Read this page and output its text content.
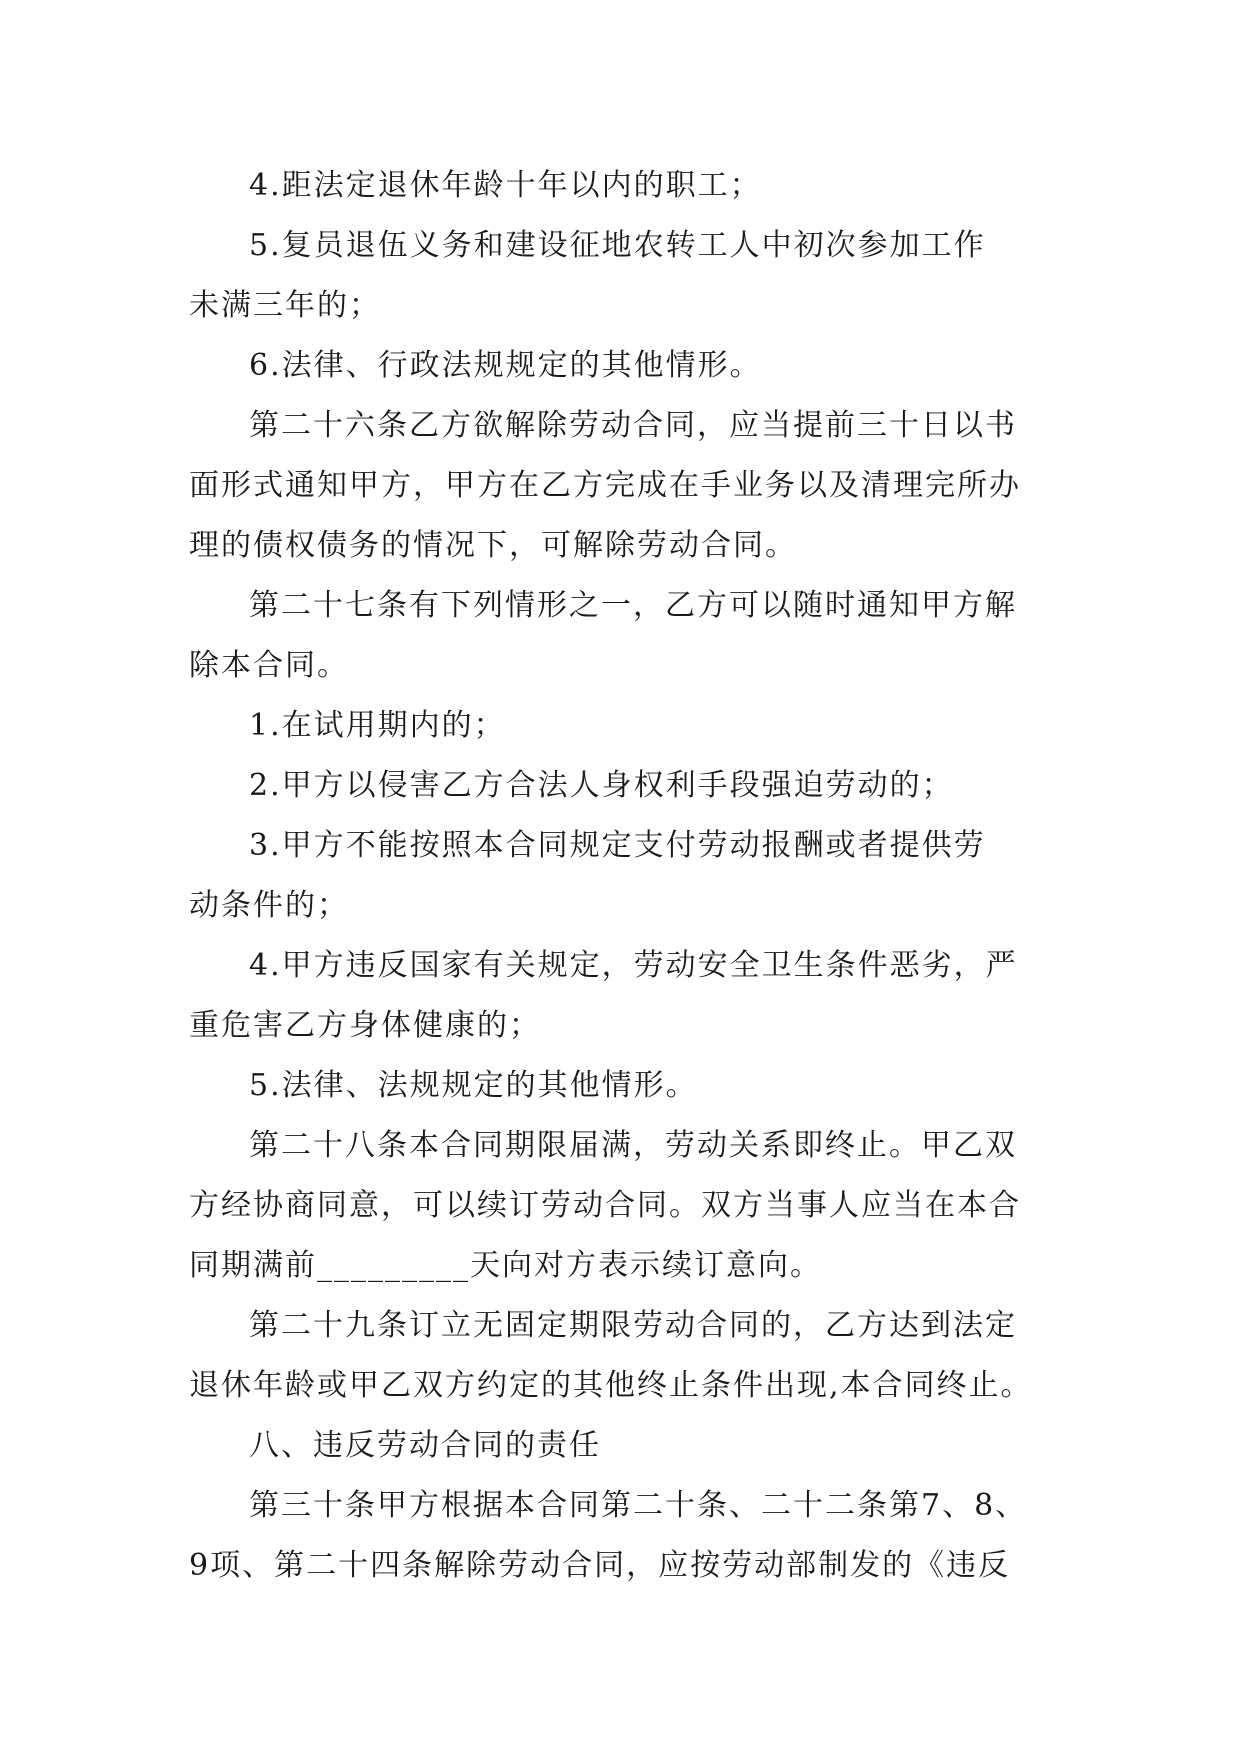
4.距法定退休年龄十年以内的职工；
5.复员退伍义务和建设征地农转工人中初次参加工作
未满三年的；
6.法律、行政法规规定的其他情形。
第二十六条乙方欲解除劳动合同，应当提前三十日以书
面形式通知甲方，甲方在乙方完成在手业务以及清理完所办
理的债权债务的情况下，可解除劳动合同。
第二十七条有下列情形之一，乙方可以随时通知甲方解
除本合同。
1.在试用期内的；
2.甲方以侵害乙方合法人身权利手段强迫劳动的；
3.甲方不能按照本合同规定支付劳动报酬或者提供劳
动条件的；
4.甲方违反国家有关规定，劳动安全卫生条件恶劣，严
重危害乙方身体健康的；
5.法律、法规规定的其他情形。
第二十八条本合同期限届满，劳动关系即终止。甲乙双
方经协商同意，可以续订劳动合同。双方当事人应当在本合
同期满前_________天向对方表示续订意向。
第二十九条订立无固定期限劳动合同的，乙方达到法定
退休年龄或甲乙双方约定的其他终止条件出现,本合同终止。
八、违反劳动合同的责任
第三十条甲方根据本合同第二十条、二十二条第7、8、
9项、第二十四条解除劳动合同，应按劳动部制发的《违反
